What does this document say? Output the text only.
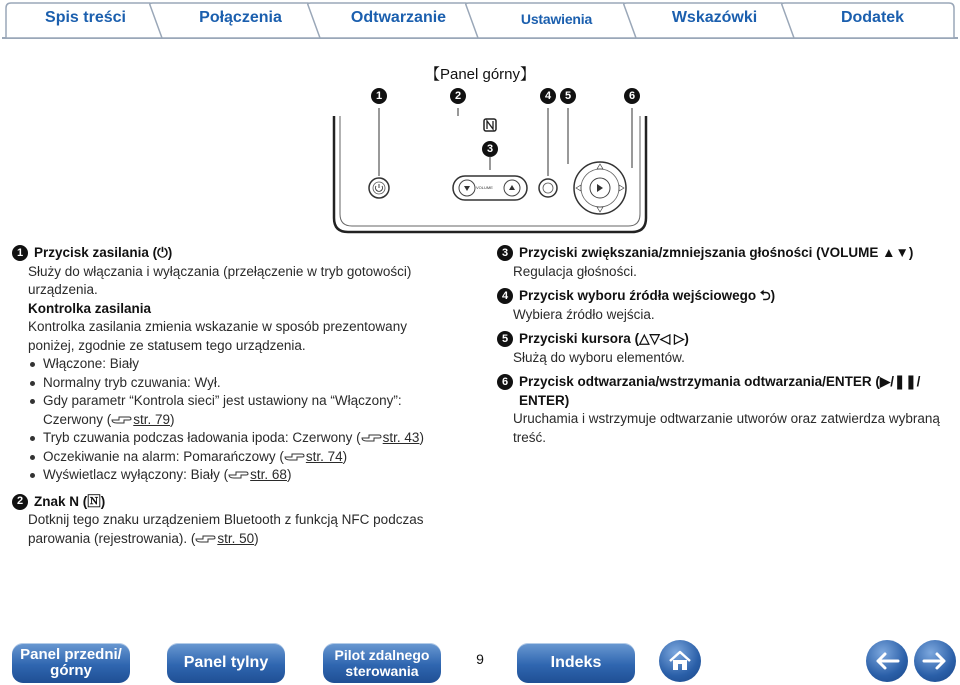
Spis treści	Połączenia	Odtwarzanie	Ustawienia	Wskazówki	Dodatek
【Panel górny】
1	2
3
4	5	6
VOLUME
1 Przycisk zasilania (⏻)
Służy do włączania i wyłączania (przełączenie w tryb gotowości) urządzenia.
Kontrolka zasilania
Kontrolka zasilania zmienia wskazanie w sposób prezentowany poniżej, zgodnie ze statusem tego urządzenia.
Włączone: Biały
Normalny tryb czuwania: Wył.
Gdy parametr “Kontrola sieci” jest ustawiony na “Włączony”: Czerwony ( str. 79)
Tryb czuwania podczas ładowania ipoda: Czerwony ( str. 43)
Oczekiwanie na alarm: Pomarańczowy ( str. 74)
Wyświetlacz wyłączony: Biały ( str. 68)
2 Znak N (🄽)
Dotknij tego znaku urządzeniem Bluetooth z funkcją NFC podczas parowania (rejestrowania). ( str. 50)
3 Przyciski zwiększania/zmniejszania głośności (VOLUME ▲▼)
Regulacja głośności.
4 Przycisk wyboru źródła wejściowego ⮌)
Wybiera źródło wejścia.
5 Przyciski kursora (△▽◁ ▷)
Służą do wyboru elementów.
6 Przycisk odtwarzania/wstrzymania odtwarzania/ENTER (▶/❚❚/ ENTER)
Uruchamia i wstrzymuje odtwarzanie utworów oraz zatwierdza wybraną treść.
Panel przedni/ górny	Panel tylny	Pilot zdalnego sterowania
9	Indeks
